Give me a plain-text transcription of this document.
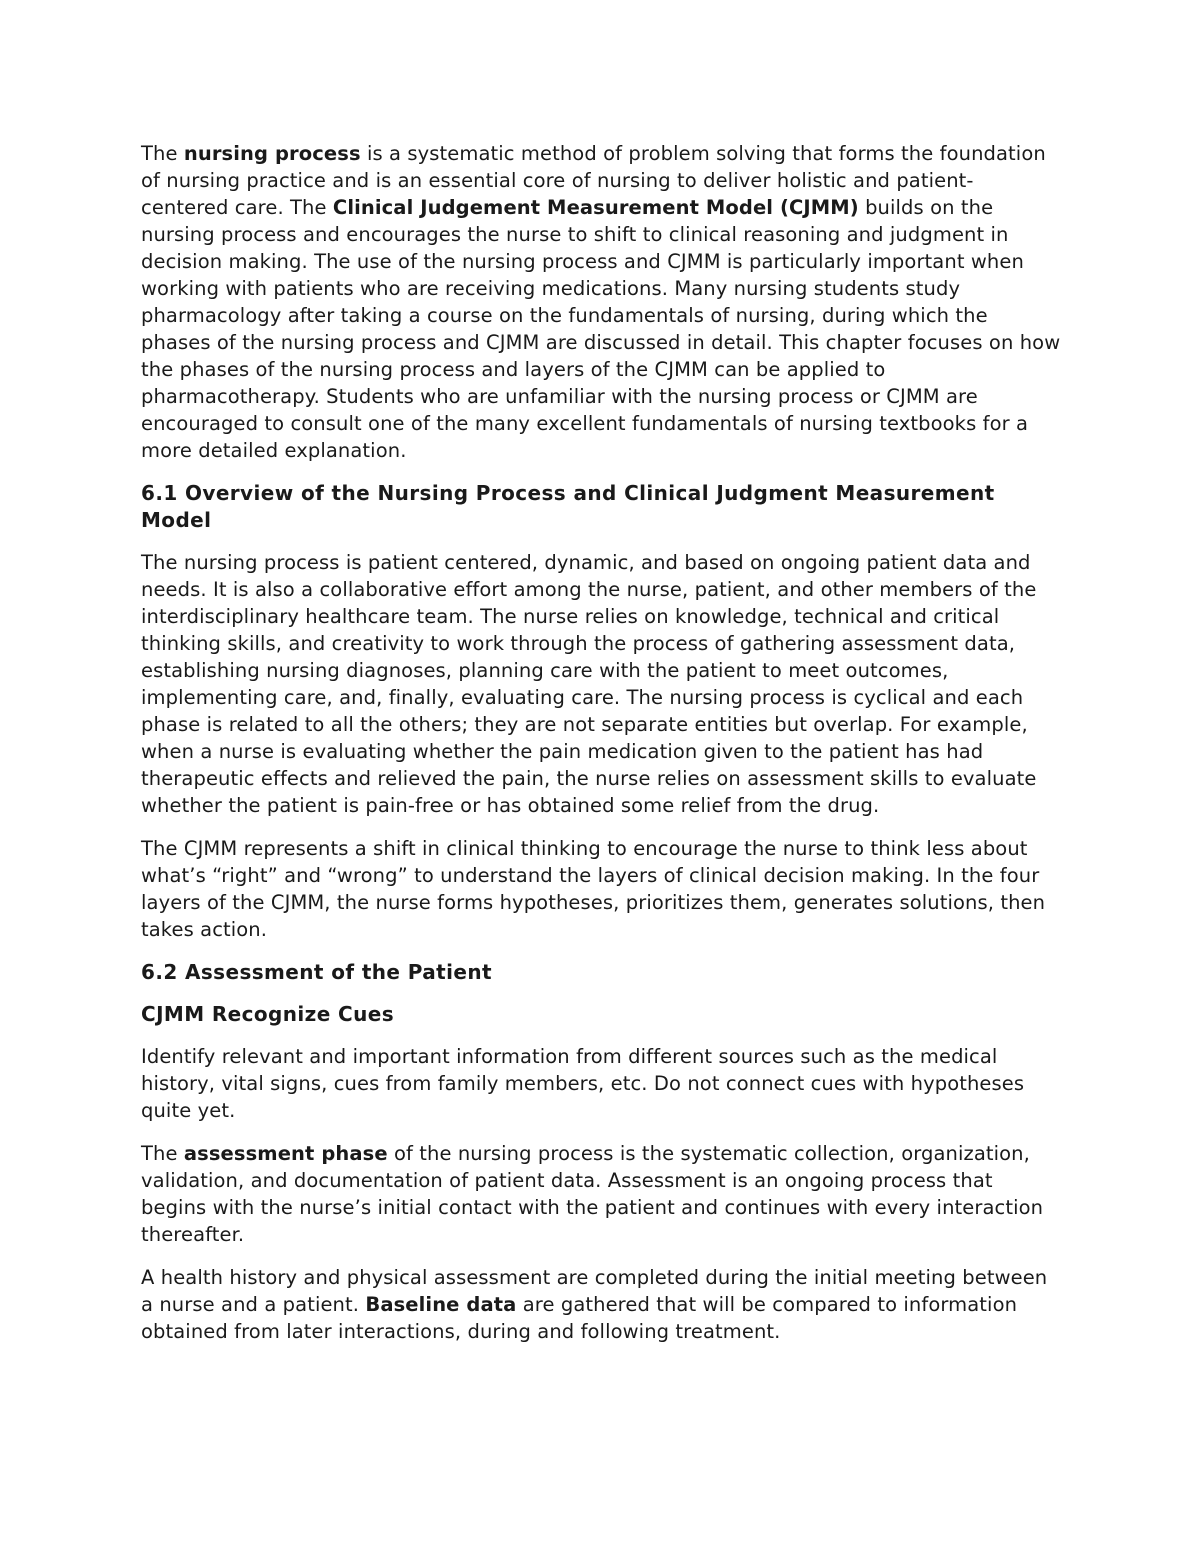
The nursing process is a systematic method of problem solving that forms the foundation of nursing practice and is an essential core of nursing to deliver holistic and patient-centered care. The Clinical Judgement Measurement Model (CJMM) builds on the nursing process and encourages the nurse to shift to clinical reasoning and judgment in decision making. The use of the nursing process and CJMM is particularly important when working with patients who are receiving medications. Many nursing students study pharmacology after taking a course on the fundamentals of nursing, during which the phases of the nursing process and CJMM are discussed in detail. This chapter focuses on how the phases of the nursing process and layers of the CJMM can be applied to pharmacotherapy. Students who are unfamiliar with the nursing process or CJMM are encouraged to consult one of the many excellent fundamentals of nursing textbooks for a more detailed explanation.

6.1 Overview of the Nursing Process and Clinical Judgment Measurement Model

The nursing process is patient centered, dynamic, and based on ongoing patient data and needs. It is also a collaborative effort among the nurse, patient, and other members of the interdisciplinary healthcare team. The nurse relies on knowledge, technical and critical thinking skills, and creativity to work through the process of gathering assessment data, establishing nursing diagnoses, planning care with the patient to meet outcomes, implementing care, and, finally, evaluating care. The nursing process is cyclical and each phase is related to all the others; they are not separate entities but overlap. For example, when a nurse is evaluating whether the pain medication given to the patient has had therapeutic effects and relieved the pain, the nurse relies on assessment skills to evaluate whether the patient is pain-free or has obtained some relief from the drug.

The CJMM represents a shift in clinical thinking to encourage the nurse to think less about what’s “right” and “wrong” to understand the layers of clinical decision making. In the four layers of the CJMM, the nurse forms hypotheses, prioritizes them, generates solutions, then takes action.

6.2 Assessment of the Patient
CJMM Recognize Cues

Identify relevant and important information from different sources such as the medical history, vital signs, cues from family members, etc. Do not connect cues with hypotheses quite yet.

The assessment phase of the nursing process is the systematic collection, organization, validation, and documentation of patient data. Assessment is an ongoing process that begins with the nurse’s initial contact with the patient and continues with every interaction thereafter.

A health history and physical assessment are completed during the initial meeting between a nurse and a patient. Baseline data are gathered that will be compared to information obtained from later interactions, during and following treatment.
